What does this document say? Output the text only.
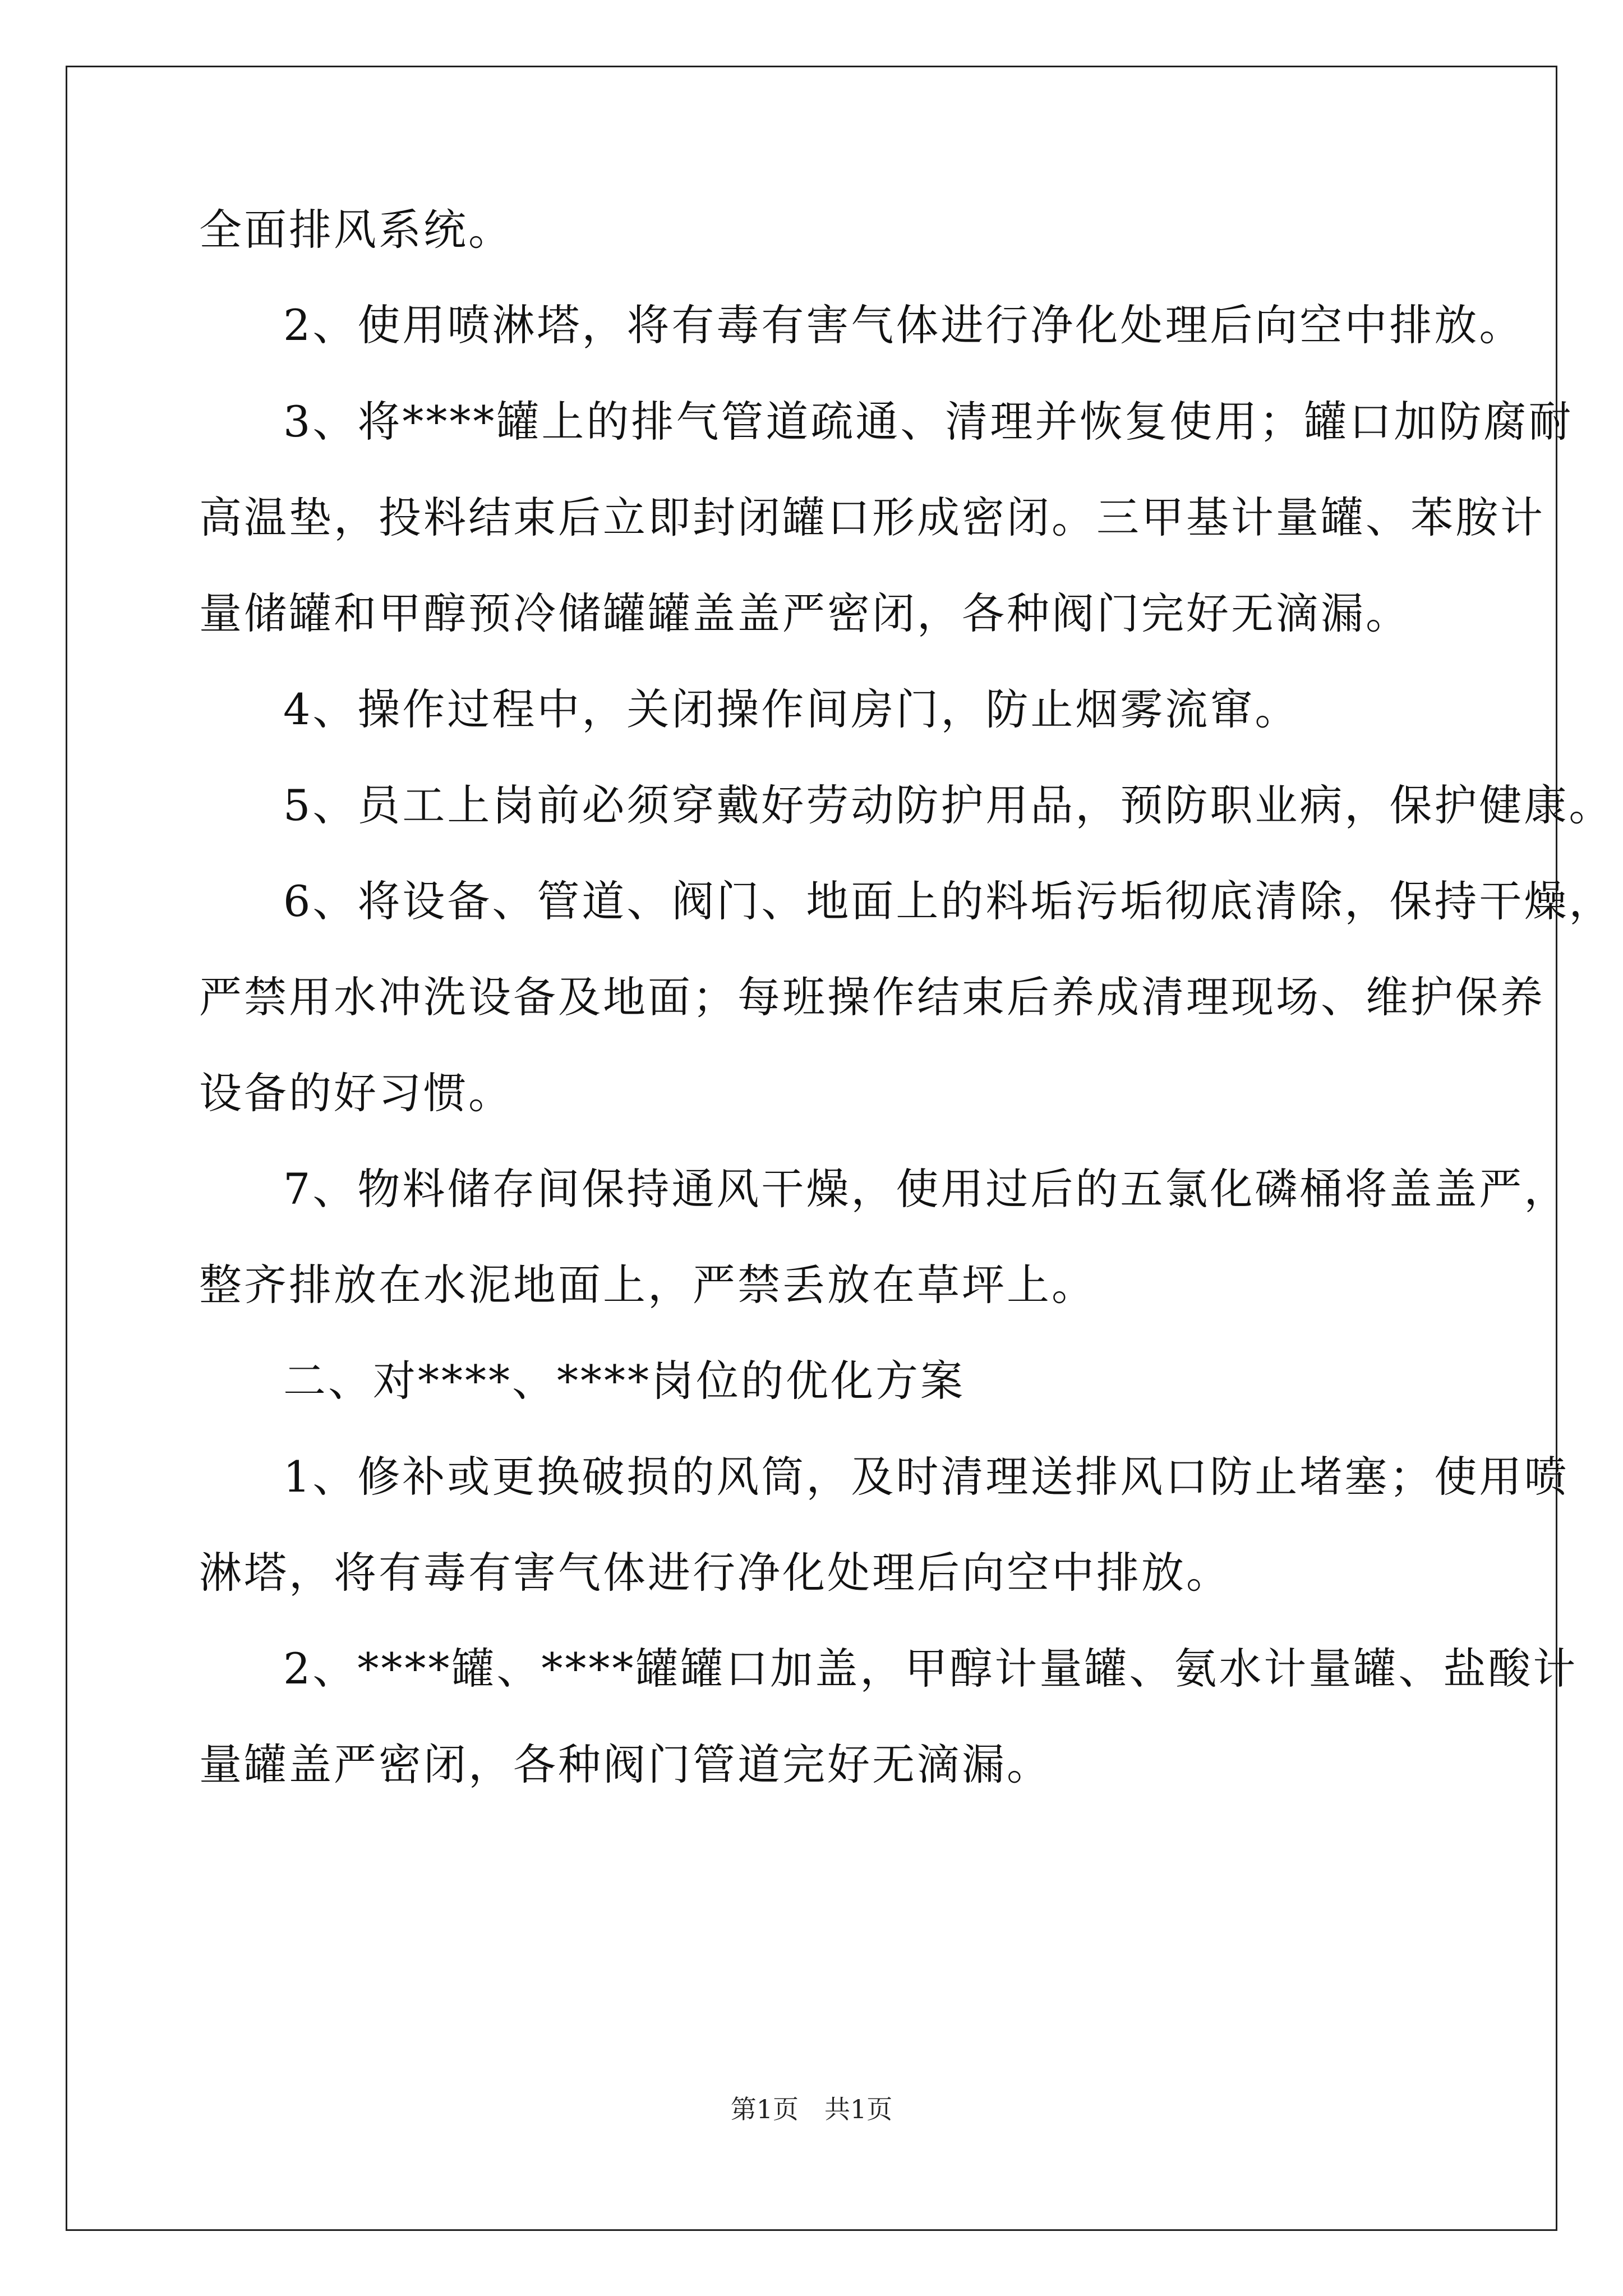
全面排风系统。
2、使用喷淋塔，将有毒有害气体进行净化处理后向空中排放。
3、将****罐上的排气管道疏通、清理并恢复使用；罐口加防腐耐
高温垫，投料结束后立即封闭罐口形成密闭。三甲基计量罐、苯胺计
量储罐和甲醇预冷储罐罐盖盖严密闭，各种阀门完好无滴漏。
4、操作过程中，关闭操作间房门，防止烟雾流窜。
5、员工上岗前必须穿戴好劳动防护用品，预防职业病，保护健康。
6、将设备、管道、阀门、地面上的料垢污垢彻底清除，保持干燥，
严禁用水冲洗设备及地面；每班操作结束后养成清理现场、维护保养
设备的好习惯。
7、物料储存间保持通风干燥，使用过后的五氯化磷桶将盖盖严，
整齐排放在水泥地面上，严禁丢放在草坪上。
二、对****、****岗位的优化方案
1、修补或更换破损的风筒，及时清理送排风口防止堵塞；使用喷
淋塔，将有毒有害气体进行净化处理后向空中排放。
2、****罐、****罐罐口加盖，甲醇计量罐、氨水计量罐、盐酸计
量罐盖严密闭，各种阀门管道完好无滴漏。
第1页　共1页
